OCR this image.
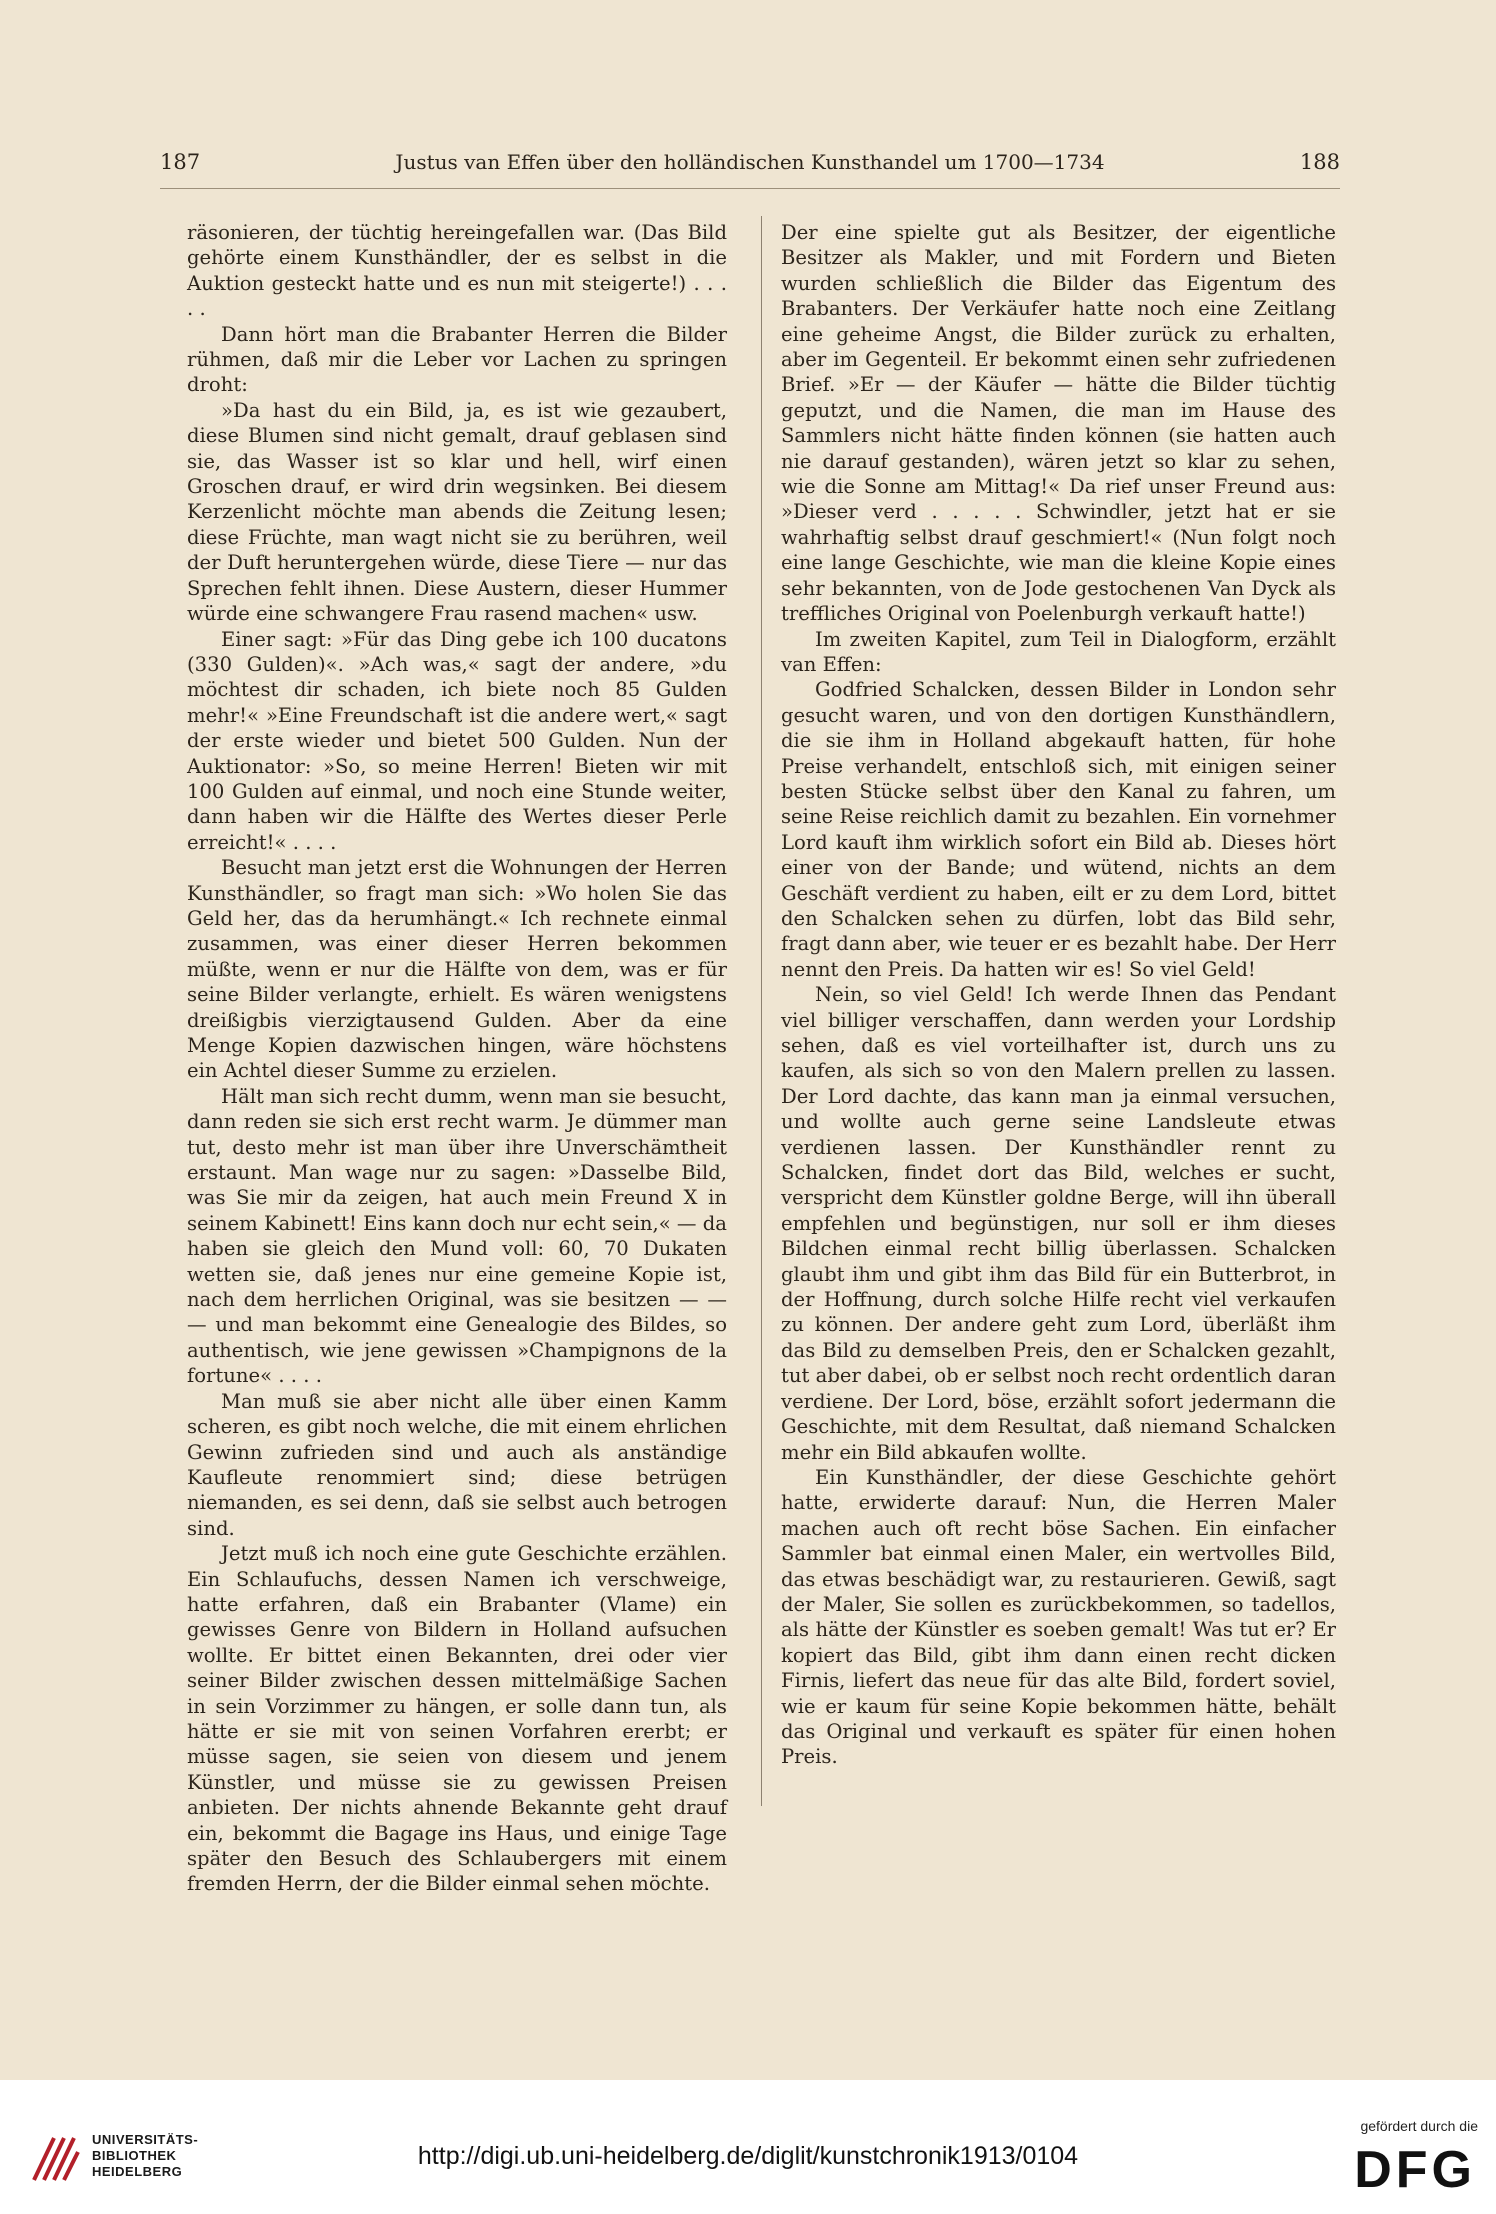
187	Justus van Effen über den holländischen Kunsthandel um 1700—1734	188

räsonieren, der tüchtig hereingefallen war. (Das Bild gehörte einem Kunsthändler, der es selbst in die Auktion gesteckt hatte und es nun mit steigerte!) . . . . .

Dann hört man die Brabanter Herren die Bilder rühmen, daß mir die Leber vor Lachen zu springen droht:

»Da hast du ein Bild, ja, es ist wie gezaubert, diese Blumen sind nicht gemalt, drauf geblasen sind sie, das Wasser ist so klar und hell, wirf einen Groschen drauf, er wird drin wegsinken. Bei diesem Kerzenlicht möchte man abends die Zeitung lesen; diese Früchte, man wagt nicht sie zu berühren, weil der Duft heruntergehen würde, diese Tiere — nur das Sprechen fehlt ihnen. Diese Austern, dieser Hummer würde eine schwangere Frau rasend machen« usw.

Einer sagt: »Für das Ding gebe ich 100 ducatons (330 Gulden)«. »Ach was,« sagt der andere, »du möchtest dir schaden, ich biete noch 85 Gulden mehr!« »Eine Freundschaft ist die andere wert,« sagt der erste wieder und bietet 500 Gulden. Nun der Auktionator: »So, so meine Herren! Bieten wir mit 100 Gulden auf einmal, und noch eine Stunde weiter, dann haben wir die Hälfte des Wertes dieser Perle erreicht!« . . . .

Besucht man jetzt erst die Wohnungen der Herren Kunsthändler, so fragt man sich: »Wo holen Sie das Geld her, das da herumhängt.« Ich rechnete einmal zusammen, was einer dieser Herren bekommen müßte, wenn er nur die Hälfte von dem, was er für seine Bilder verlangte, erhielt. Es wären wenigstens dreißigbis vierzigtausend Gulden. Aber da eine Menge Kopien dazwischen hingen, wäre höchstens ein Achtel dieser Summe zu erzielen.

Hält man sich recht dumm, wenn man sie besucht, dann reden sie sich erst recht warm. Je dümmer man tut, desto mehr ist man über ihre Unverschämtheit erstaunt. Man wage nur zu sagen: »Dasselbe Bild, was Sie mir da zeigen, hat auch mein Freund X in seinem Kabinett! Eins kann doch nur echt sein,« — da haben sie gleich den Mund voll: 60, 70 Dukaten wetten sie, daß jenes nur eine gemeine Kopie ist, nach dem herrlichen Original, was sie besitzen — — — und man bekommt eine Genealogie des Bildes, so authentisch, wie jene gewissen »Champignons de la fortune« . . . .

Man muß sie aber nicht alle über einen Kamm scheren, es gibt noch welche, die mit einem ehrlichen Gewinn zufrieden sind und auch als anständige Kaufleute renommiert sind; diese betrügen niemanden, es sei denn, daß sie selbst auch betrogen sind.

Jetzt muß ich noch eine gute Geschichte erzählen. Ein Schlaufuchs, dessen Namen ich verschweige, hatte erfahren, daß ein Brabanter (Vlame) ein gewisses Genre von Bildern in Holland aufsuchen wollte. Er bittet einen Bekannten, drei oder vier seiner Bilder zwischen dessen mittelmäßige Sachen in sein Vorzimmer zu hängen, er solle dann tun, als hätte er sie mit von seinen Vorfahren ererbt; er müsse sagen, sie seien von diesem und jenem Künstler, und müsse sie zu gewissen Preisen anbieten. Der nichts ahnende Bekannte geht drauf ein, bekommt die Bagage ins Haus, und einige Tage später den Besuch des Schlaubergers mit einem fremden Herrn, der die Bilder einmal sehen möchte.

Der eine spielte gut als Besitzer, der eigentliche Besitzer als Makler, und mit Fordern und Bieten wurden schließlich die Bilder das Eigentum des Brabanters. Der Verkäufer hatte noch eine Zeitlang eine geheime Angst, die Bilder zurück zu erhalten, aber im Gegenteil. Er bekommt einen sehr zufriedenen Brief. »Er — der Käufer — hätte die Bilder tüchtig geputzt, und die Namen, die man im Hause des Sammlers nicht hätte finden können (sie hatten auch nie darauf gestanden), wären jetzt so klar zu sehen, wie die Sonne am Mittag!« Da rief unser Freund aus: »Dieser verd . . . . . Schwindler, jetzt hat er sie wahrhaftig selbst drauf geschmiert!« (Nun folgt noch eine lange Geschichte, wie man die kleine Kopie eines sehr bekannten, von de Jode gestochenen Van Dyck als treffliches Original von Poelenburgh verkauft hatte!)

Im zweiten Kapitel, zum Teil in Dialogform, erzählt van Effen:

Godfried Schalcken, dessen Bilder in London sehr gesucht waren, und von den dortigen Kunsthändlern, die sie ihm in Holland abgekauft hatten, für hohe Preise verhandelt, entschloß sich, mit einigen seiner besten Stücke selbst über den Kanal zu fahren, um seine Reise reichlich damit zu bezahlen. Ein vornehmer Lord kauft ihm wirklich sofort ein Bild ab. Dieses hört einer von der Bande; und wütend, nichts an dem Geschäft verdient zu haben, eilt er zu dem Lord, bittet den Schalcken sehen zu dürfen, lobt das Bild sehr, fragt dann aber, wie teuer er es bezahlt habe. Der Herr nennt den Preis. Da hatten wir es! So viel Geld!

Nein, so viel Geld! Ich werde Ihnen das Pendant viel billiger verschaffen, dann werden your Lordship sehen, daß es viel vorteilhafter ist, durch uns zu kaufen, als sich so von den Malern prellen zu lassen. Der Lord dachte, das kann man ja einmal versuchen, und wollte auch gerne seine Landsleute etwas verdienen lassen. Der Kunsthändler rennt zu Schalcken, findet dort das Bild, welches er sucht, verspricht dem Künstler goldne Berge, will ihn überall empfehlen und begünstigen, nur soll er ihm dieses Bildchen einmal recht billig überlassen. Schalcken glaubt ihm und gibt ihm das Bild für ein Butterbrot, in der Hoffnung, durch solche Hilfe recht viel verkaufen zu können. Der andere geht zum Lord, überläßt ihm das Bild zu demselben Preis, den er Schalcken gezahlt, tut aber dabei, ob er selbst noch recht ordentlich daran verdiene. Der Lord, böse, erzählt sofort jedermann die Geschichte, mit dem Resultat, daß niemand Schalcken mehr ein Bild abkaufen wollte.

Ein Kunsthändler, der diese Geschichte gehört hatte, erwiderte darauf: Nun, die Herren Maler machen auch oft recht böse Sachen. Ein einfacher Sammler bat einmal einen Maler, ein wertvolles Bild, das etwas beschädigt war, zu restaurieren. Gewiß, sagt der Maler, Sie sollen es zurückbekommen, so tadellos, als hätte der Künstler es soeben gemalt! Was tut er? Er kopiert das Bild, gibt ihm dann einen recht dicken Firnis, liefert das neue für das alte Bild, fordert soviel, wie er kaum für seine Kopie bekommen hätte, behält das Original und verkauft es später für einen hohen Preis.

UNIVERSITÄTS-
BIBLIOTHEK
HEIDELBERG
http://digi.ub.uni-heidelberg.de/diglit/kunstchronik1913/0104
gefördert durch die
DFG
